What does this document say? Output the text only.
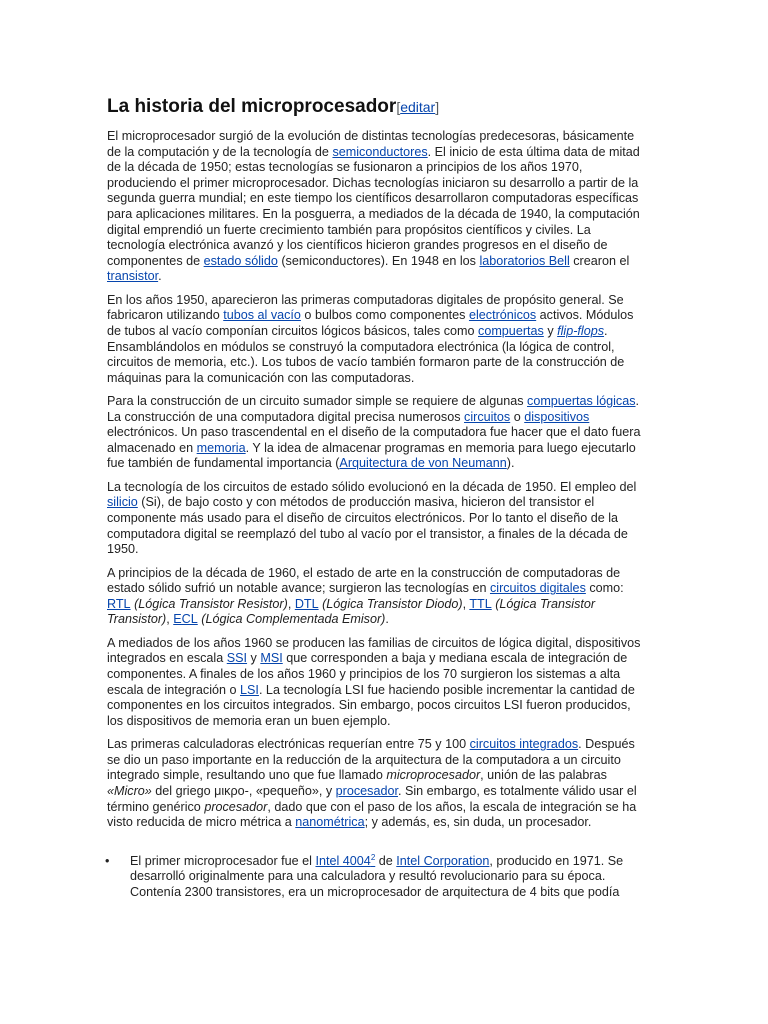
La historia del microprocesador[editar]

El microprocesador surgió de la evolución de distintas tecnologías predecesoras, básicamente de la computación y de la tecnología de semiconductores. El inicio de esta última data de mitad de la década de 1950; estas tecnologías se fusionaron a principios de los años 1970, produciendo el primer microprocesador. Dichas tecnologías iniciaron su desarrollo a partir de la segunda guerra mundial; en este tiempo los científicos desarrollaron computadoras específicas para aplicaciones militares. En la posguerra, a mediados de la década de 1940, la computación digital emprendió un fuerte crecimiento también para propósitos científicos y civiles. La tecnología electrónica avanzó y los científicos hicieron grandes progresos en el diseño de componentes de estado sólido (semiconductores). En 1948 en los laboratorios Bell crearon el transistor.

En los años 1950, aparecieron las primeras computadoras digitales de propósito general. Se fabricaron utilizando tubos al vacío o bulbos como componentes electrónicos activos. Módulos de tubos al vacío componían circuitos lógicos básicos, tales como compuertas y flip-flops. Ensamblándolos en módulos se construyó la computadora electrónica (la lógica de control, circuitos de memoria, etc.). Los tubos de vacío también formaron parte de la construcción de máquinas para la comunicación con las computadoras.

Para la construcción de un circuito sumador simple se requiere de algunas compuertas lógicas. La construcción de una computadora digital precisa numerosos circuitos o dispositivos electrónicos. Un paso trascendental en el diseño de la computadora fue hacer que el dato fuera almacenado en memoria. Y la idea de almacenar programas en memoria para luego ejecutarlo fue también de fundamental importancia (Arquitectura de von Neumann).

La tecnología de los circuitos de estado sólido evolucionó en la década de 1950. El empleo del silicio (Si), de bajo costo y con métodos de producción masiva, hicieron del transistor el componente más usado para el diseño de circuitos electrónicos. Por lo tanto el diseño de la computadora digital se reemplazó del tubo al vacío por el transistor, a finales de la década de 1950.

A principios de la década de 1960, el estado de arte en la construcción de computadoras de estado sólido sufrió un notable avance; surgieron las tecnologías en circuitos digitales como: RTL (Lógica Transistor Resistor), DTL (Lógica Transistor Diodo), TTL (Lógica Transistor Transistor), ECL (Lógica Complementada Emisor).

A mediados de los años 1960 se producen las familias de circuitos de lógica digital, dispositivos integrados en escala SSI y MSI que corresponden a baja y mediana escala de integración de componentes. A finales de los años 1960 y principios de los 70 surgieron los sistemas a alta escala de integración o LSI. La tecnología LSI fue haciendo posible incrementar la cantidad de componentes en los circuitos integrados. Sin embargo, pocos circuitos LSI fueron producidos, los dispositivos de memoria eran un buen ejemplo.

Las primeras calculadoras electrónicas requerían entre 75 y 100 circuitos integrados. Después se dio un paso importante en la reducción de la arquitectura de la computadora a un circuito integrado simple, resultando uno que fue llamado microprocesador, unión de las palabras «Micro» del griego μικρο-, «pequeño», y procesador. Sin embargo, es totalmente válido usar el término genérico procesador, dado que con el paso de los años, la escala de integración se ha visto reducida de micro métrica a nanométrica; y además, es, sin duda, un procesador.

• El primer microprocesador fue el Intel 4004$^2$ de Intel Corporation, producido en 1971. Se desarrolló originalmente para una calculadora y resultó revolucionario para su época. Contenía 2300 transistores, era un microprocesador de arquitectura de 4 bits que podía
